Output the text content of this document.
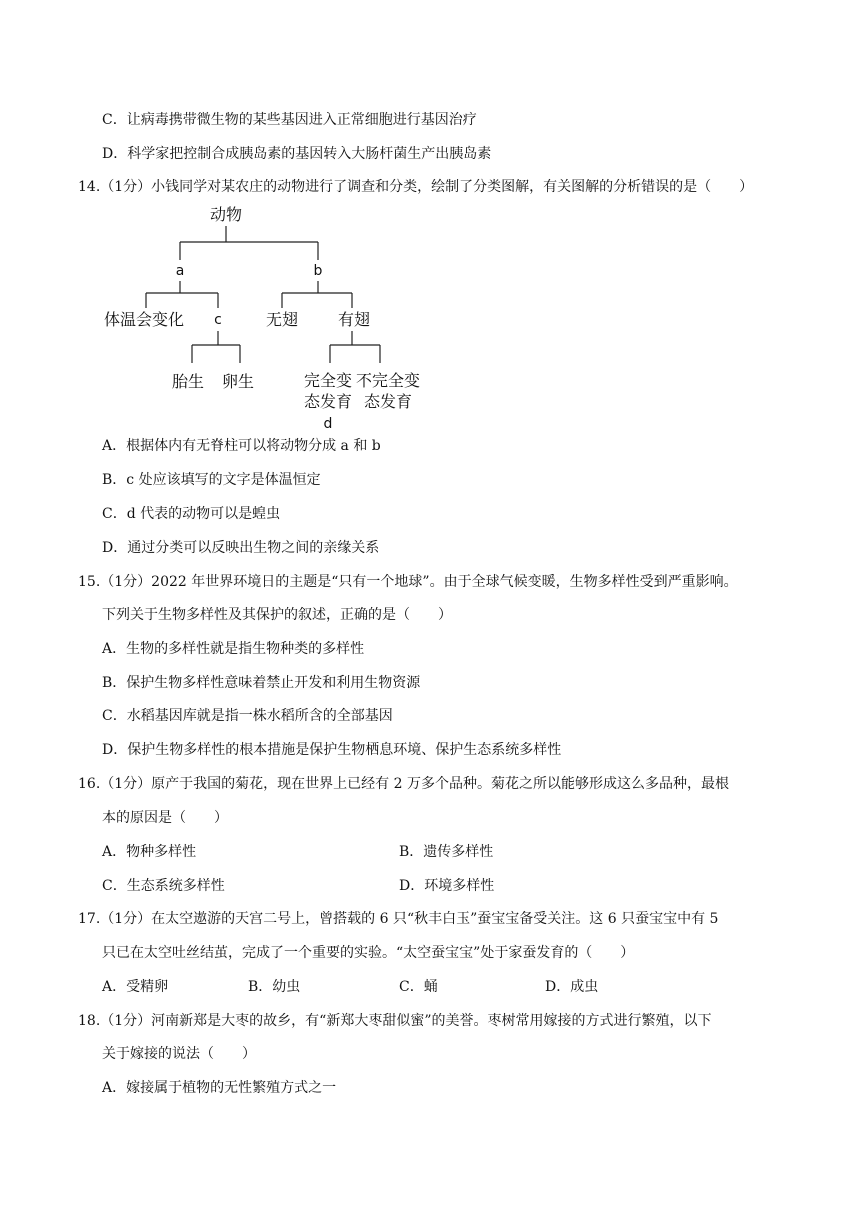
C．让病毒携带微生物的某些基因进入正常细胞进行基因治疗
D．科学家把控制合成胰岛素的基因转入大肠杆菌生产出胰岛素
14.（1分）小钱同学对某农庄的动物进行了调查和分类，绘制了分类图解，有关图解的分析错误的是（　　）
动物
a	b
体温会变化 c	无翅 有翅
胎生 卵生	完全变
态发育
不完全变
态发育
d
A．根据体内有无脊柱可以将动物分成 a 和 b
B．c 处应该填写的文字是体温恒定
C．d 代表的动物可以是蝗虫
D．通过分类可以反映出生物之间的亲缘关系
15.（1分）2022 年世界环境日的主题是“只有一个地球”。由于全球气候变暖，生物多样性受到严重影响。
下列关于生物多样性及其保护的叙述，正确的是（　　）
A．生物的多样性就是指生物种类的多样性
B．保护生物多样性意味着禁止开发和利用生物资源
C．水稻基因库就是指一株水稻所含的全部基因
D．保护生物多样性的根本措施是保护生物栖息环境、保护生态系统多样性
16.（1分）原产于我国的菊花，现在世界上已经有 2 万多个品种。菊花之所以能够形成这么多品种，最根
本的原因是（　　）
A．物种多样性	B．遗传多样性
C．生态系统多样性	D．环境多样性
17.（1分）在太空遨游的天宫二号上，曾搭载的 6 只“秋丰白玉”蚕宝宝备受关注。这 6 只蚕宝宝中有 5
只已在太空吐丝结茧，完成了一个重要的实验。“太空蚕宝宝”处于家蚕发育的（　　）
A．受精卵	B．幼虫	C．蛹	D．成虫
18.（1分）河南新郑是大枣的故乡，有“新郑大枣甜似蜜”的美誉。枣树常用嫁接的方式进行繁殖，以下
关于嫁接的说法（　　）
A．嫁接属于植物的无性繁殖方式之一
